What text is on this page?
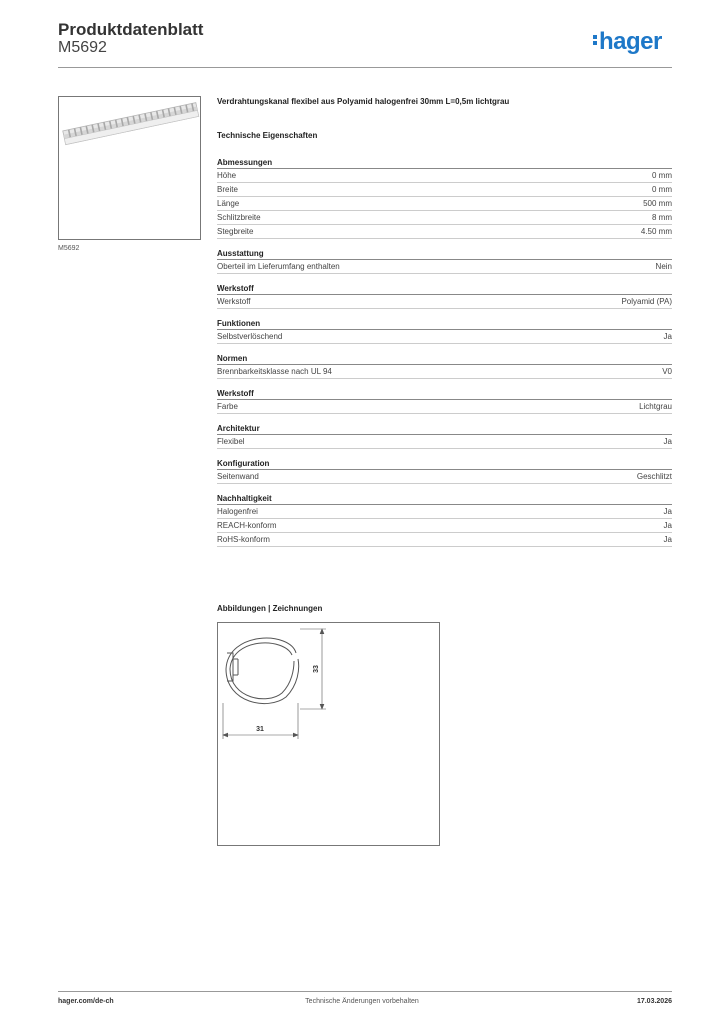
Produktdatenblatt
M5692	hager
M5692
Verdrahtungskanal flexibel aus Polyamid halogenfrei 30mm L=0,5m lichtgrau
Technische Eigenschaften
Abmessungen
Höhe	0 mm
Breite	0 mm
Länge	500 mm
Schlitzbreite	8 mm
Stegbreite	4.50 mm
Ausstattung
Oberteil im Lieferumfang enthalten	Nein
Werkstoff
Werkstoff	Polyamid (PA)
Funktionen
Selbstverlöschend	Ja
Normen
Brennbarkeitsklasse nach UL 94	V0
Werkstoff
Farbe	Lichtgrau
Architektur
Flexibel	Ja
Konfiguration
Seitenwand	Geschlitzt
Nachhaltigkeit
Halogenfrei	Ja
REACH-konform	Ja
RoHS-konform	Ja
Abbildungen | Zeichnungen
33
31
hager.com/de-ch	Technische Änderungen vorbehalten	17.03.2026
